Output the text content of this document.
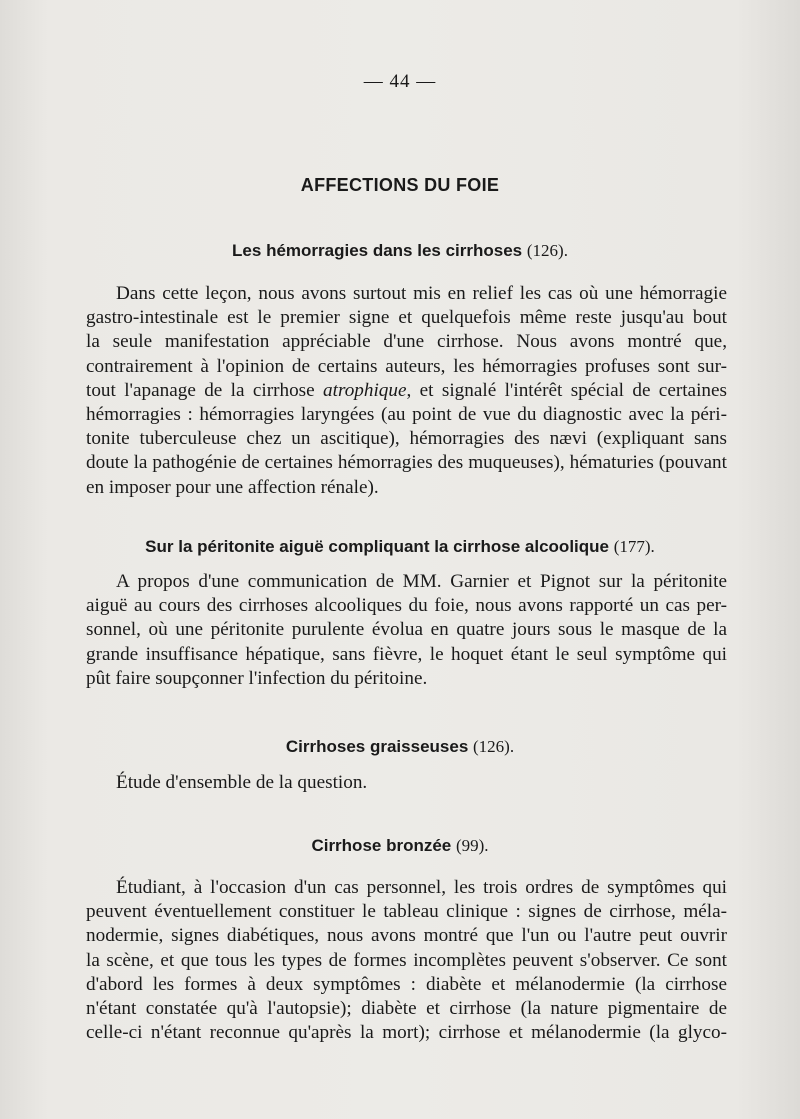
— 44 —
AFFECTIONS DU FOIE
Les hémorragies dans les cirrhoses (126).
Dans cette leçon, nous avons surtout mis en relief les cas où une hémorragie
gastro-intestinale est le premier signe et quelquefois même reste jusqu'au bout
la seule manifestation appréciable d'une cirrhose. Nous avons montré que,
contrairement à l'opinion de certains auteurs, les hémorragies profuses sont sur-
tout l'apanage de la cirrhose atrophique, et signalé l'intérêt spécial de certaines
hémorragies : hémorragies laryngées (au point de vue du diagnostic avec la péri-
tonite tuberculeuse chez un ascitique), hémorragies des nævi (expliquant sans
doute la pathogénie de certaines hémorragies des muqueuses), hématuries (pouvant
en imposer pour une affection rénale).
Sur la péritonite aiguë compliquant la cirrhose alcoolique (177).
A propos d'une communication de MM. Garnier et Pignot sur la péritonite
aiguë au cours des cirrhoses alcooliques du foie, nous avons rapporté un cas per-
sonnel, où une péritonite purulente évolua en quatre jours sous le masque de la
grande insuffisance hépatique, sans fièvre, le hoquet étant le seul symptôme qui
pût faire soupçonner l'infection du péritoine.
Cirrhoses graisseuses (126).
Étude d'ensemble de la question.
Cirrhose bronzée (99).
Étudiant, à l'occasion d'un cas personnel, les trois ordres de symptômes qui
peuvent éventuellement constituer le tableau clinique : signes de cirrhose, méla-
nodermie, signes diabétiques, nous avons montré que l'un ou l'autre peut ouvrir
la scène, et que tous les types de formes incomplètes peuvent s'observer. Ce sont
d'abord les formes à deux symptômes : diabète et mélanodermie (la cirrhose
n'étant constatée qu'à l'autopsie); diabète et cirrhose (la nature pigmentaire de
celle-ci n'étant reconnue qu'après la mort); cirrhose et mélanodermie (la glyco-
